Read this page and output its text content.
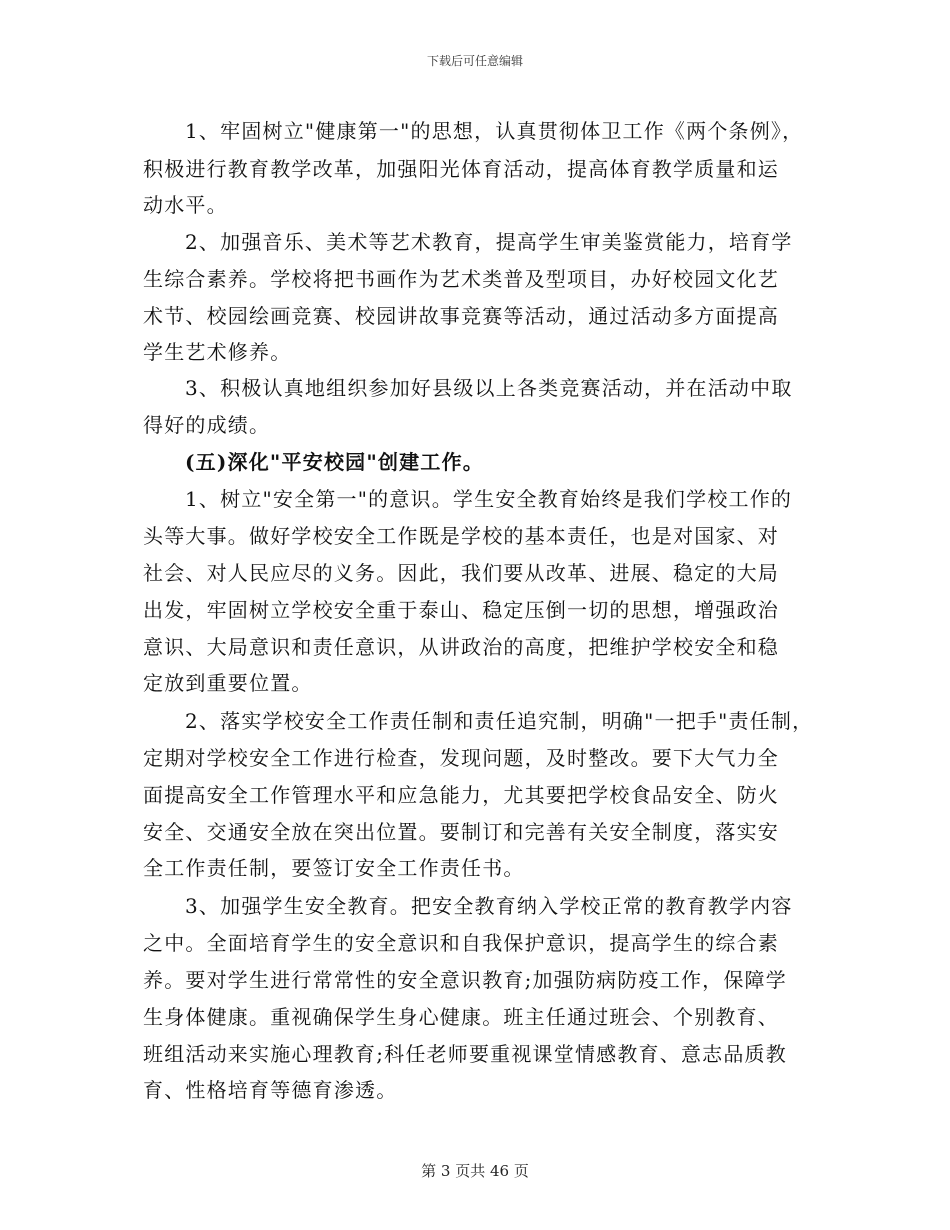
下载后可任意编辑
1、牢固树立"健康第一"的思想，认真贯彻体卫工作《两个条例》，
积极进行教育教学改革，加强阳光体育活动，提高体育教学质量和运
动水平。
2、加强音乐、美术等艺术教育，提高学生审美鉴赏能力，培育学
生综合素养。学校将把书画作为艺术类普及型项目，办好校园文化艺
术节、校园绘画竞赛、校园讲故事竞赛等活动，通过活动多方面提高
学生艺术修养。
3、积极认真地组织参加好县级以上各类竞赛活动，并在活动中取
得好的成绩。
(五)深化"平安校园"创建工作。
1、树立"安全第一"的意识。学生安全教育始终是我们学校工作的
头等大事。做好学校安全工作既是学校的基本责任，也是对国家、对
社会、对人民应尽的义务。因此，我们要从改革、进展、稳定的大局
出发，牢固树立学校安全重于泰山、稳定压倒一切的思想，增强政治
意识、大局意识和责任意识，从讲政治的高度，把维护学校安全和稳
定放到重要位置。
2、落实学校安全工作责任制和责任追究制，明确"一把手"责任制，
定期对学校安全工作进行检查，发现问题，及时整改。要下大气力全
面提高安全工作管理水平和应急能力，尤其要把学校食品安全、防火
安全、交通安全放在突出位置。要制订和完善有关安全制度，落实安
全工作责任制，要签订安全工作责任书。
3、加强学生安全教育。把安全教育纳入学校正常的教育教学内容
之中。全面培育学生的安全意识和自我保护意识，提高学生的综合素
养。要对学生进行常常性的安全意识教育;加强防病防疫工作，保障学
生身体健康。重视确保学生身心健康。班主任通过班会、个别教育、
班组活动来实施心理教育;科任老师要重视课堂情感教育、意志品质教
育、性格培育等德育渗透。
第 3 页共 46 页
